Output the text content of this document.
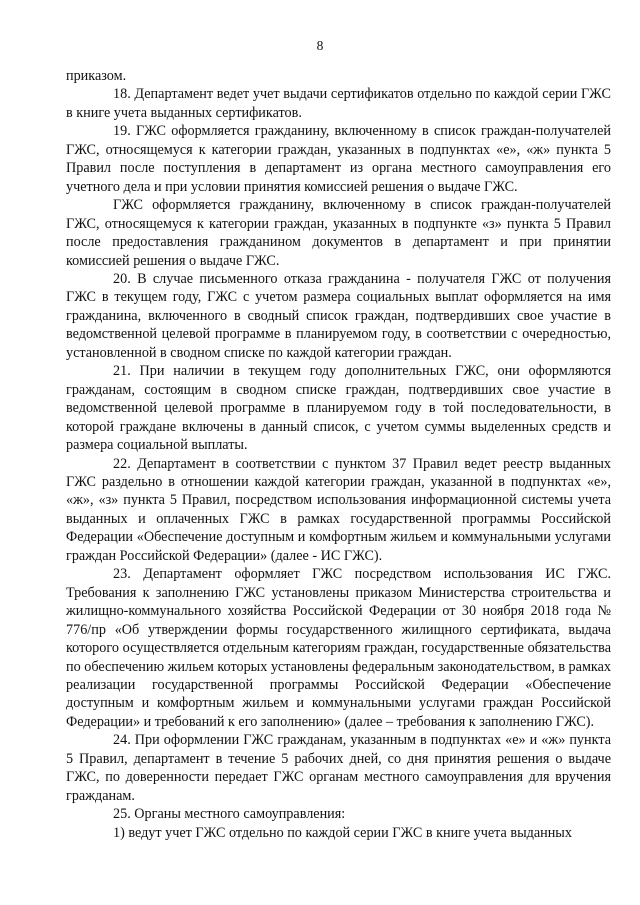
8

приказом.

18. Департамент ведет учет выдачи сертификатов отдельно по каждой серии ГЖС в книге учета выданных сертификатов.

19. ГЖС оформляется гражданину, включенному в список граждан-получателей ГЖС, относящемуся к категории граждан, указанных в подпунктах «е», «ж» пункта 5 Правил после поступления в департамент из органа местного самоуправления его учетного дела и при условии принятия комиссией решения о выдаче ГЖС.

ГЖС оформляется гражданину, включенному в список граждан-получателей ГЖС, относящемуся к категории граждан, указанных в подпункте «з» пункта 5 Правил после предоставления гражданином документов в департамент и при принятии комиссией решения о выдаче ГЖС.

20. В случае письменного отказа гражданина - получателя ГЖС от получения ГЖС в текущем году, ГЖС с учетом размера социальных выплат оформляется на имя гражданина, включенного в сводный список граждан, подтвердивших свое участие в ведомственной целевой программе в планируемом году, в соответствии с очередностью, установленной в сводном списке по каждой категории граждан.

21. При наличии в текущем году дополнительных ГЖС, они оформляются гражданам, состоящим в сводном списке граждан, подтвердивших свое участие в ведомственной целевой программе в планируемом году в той последовательности, в которой граждане включены в данный список, с учетом суммы выделенных средств и размера социальной выплаты.

22. Департамент в соответствии с пунктом 37 Правил ведет реестр выданных ГЖС раздельно в отношении каждой категории граждан, указанной в подпунктах «е», «ж», «з» пункта 5 Правил, посредством использования информационной системы учета выданных и оплаченных ГЖС в рамках государственной программы Российской Федерации «Обеспечение доступным и комфортным жильем и коммунальными услугами граждан Российской Федерации» (далее - ИС ГЖС).

23. Департамент оформляет ГЖС посредством использования ИС ГЖС. Требования к заполнению ГЖС установлены приказом Министерства строительства и жилищно-коммунального хозяйства Российской Федерации от 30 ноября 2018 года № 776/пр «Об утверждении формы государственного жилищного сертификата, выдача которого осуществляется отдельным категориям граждан, государственные обязательства по обеспечению жильем которых установлены федеральным законодательством, в рамках реализации государственной программы Российской Федерации «Обеспечение доступным и комфортным жильем и коммунальными услугами граждан Российской Федерации» и требований к его заполнению» (далее – требования к заполнению ГЖС).

24. При оформлении ГЖС гражданам, указанным в подпунктах «е» и «ж» пункта 5 Правил, департамент в течение 5 рабочих дней, со дня принятия решения о выдаче ГЖС, по доверенности передает ГЖС органам местного самоуправления для вручения гражданам.

25. Органы местного самоуправления:

1) ведут учет ГЖС отдельно по каждой серии ГЖС в книге учета выданных
